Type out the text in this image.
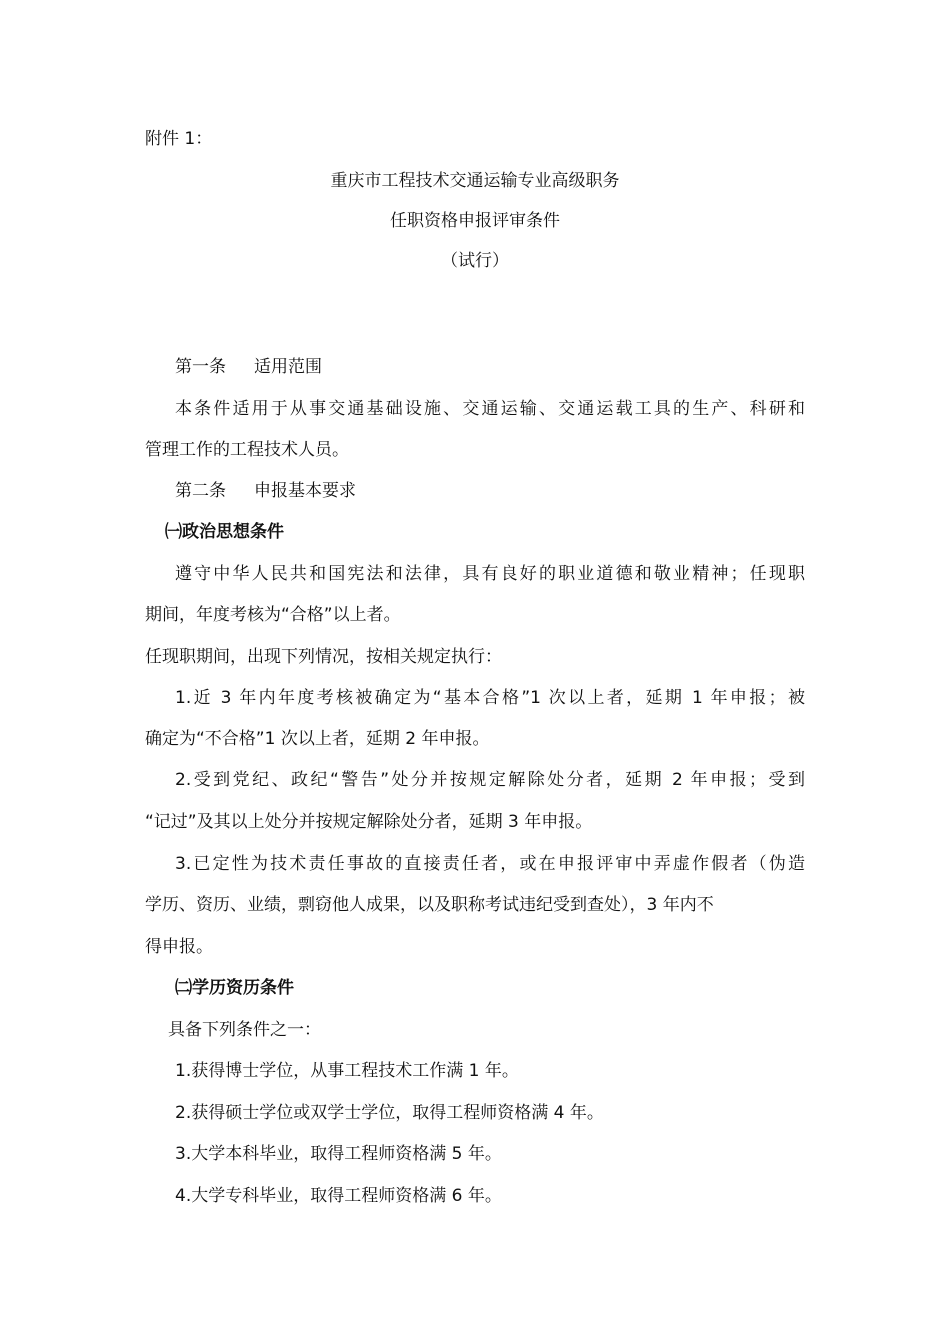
附件 1：

重庆市工程技术交通运输专业高级职务

任职资格申报评审条件

（试行）

第一条 适用范围

本条件适用于从事交通基础设施、交通运输、交通运载工具的生产、科研和

管理工作的工程技术人员。

第二条 申报基本要求

㈠政治思想条件

遵守中华人民共和国宪法和法律，具有良好的职业道德和敬业精神；任现职

期间，年度考核为“合格”以上者。

任现职期间，出现下列情况，按相关规定执行：

1.近 3 年内年度考核被确定为“基本合格”1 次以上者，延期 1 年申报；被

确定为“不合格”1 次以上者，延期 2 年申报。

2.受到党纪、政纪“警告”处分并按规定解除处分者，延期 2 年申报；受到

“记过”及其以上处分并按规定解除处分者，延期 3 年申报。

3.已定性为技术责任事故的直接责任者，或在申报评审中弄虚作假者（伪造

学历、资历、业绩，剽窃他人成果，以及职称考试违纪受到查处），3 年内不

得申报。

㈡学历资历条件

具备下列条件之一：

1.获得博士学位，从事工程技术工作满 1 年。

2.获得硕士学位或双学士学位，取得工程师资格满 4 年。

3.大学本科毕业，取得工程师资格满 5 年。

4.大学专科毕业，取得工程师资格满 6 年。
